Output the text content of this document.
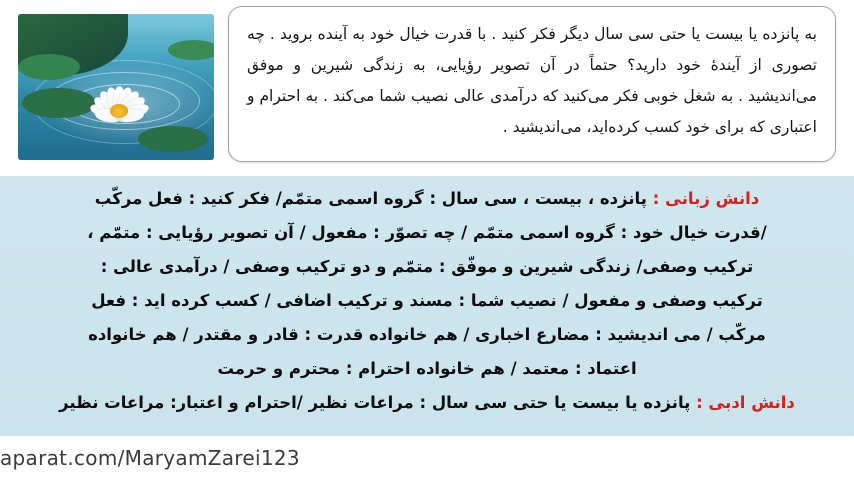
به پانزده یا بیست یا حتی سی سال دیگر فکر کنید . با قدرت خیال خود به آینده بروید . چه تصوری از آیندهٔ خود دارید؟ حتماً در آن تصویر رؤیایی، به زندگی شیرین و موفق می‌اندیشید . به شغل خوبی فکر می‌کنید که درآمدی عالی نصیب شما می‌کند . به احترام و اعتباری که برای خود کسب کرده‌اید، می‌اندیشید .
دانش زبانی : پانزده ، بیست ، سی سال : گروه اسمی متمّم/ فکر کنید : فعل مرکّب
/قدرت خیال خود : گروه اسمی متمّم / چه تصوّر : مفعول / آن تصویر رؤیایی : متمّم ،
ترکیب وصفی/ زندگی شیرین و موفّق : متمّم و دو ترکیب وصفی / درآمدی عالی :
ترکیب وصفی و مفعول / نصیب شما : مسند و ترکیب اضافی / کسب کرده اید : فعل
مرکّب / می اندیشید : مضارع اخباری / هم خانواده قدرت : قادر و مقتدر / هم خانواده
اعتماد : معتمد / هم خانواده احترام : محترم و حرمت
دانش ادبی : پانزده یا بیست یا حتی سی سال : مراعات نظیر /احترام و اعتبار: مراعات نظیر
aparat.com/MaryamZarei123
